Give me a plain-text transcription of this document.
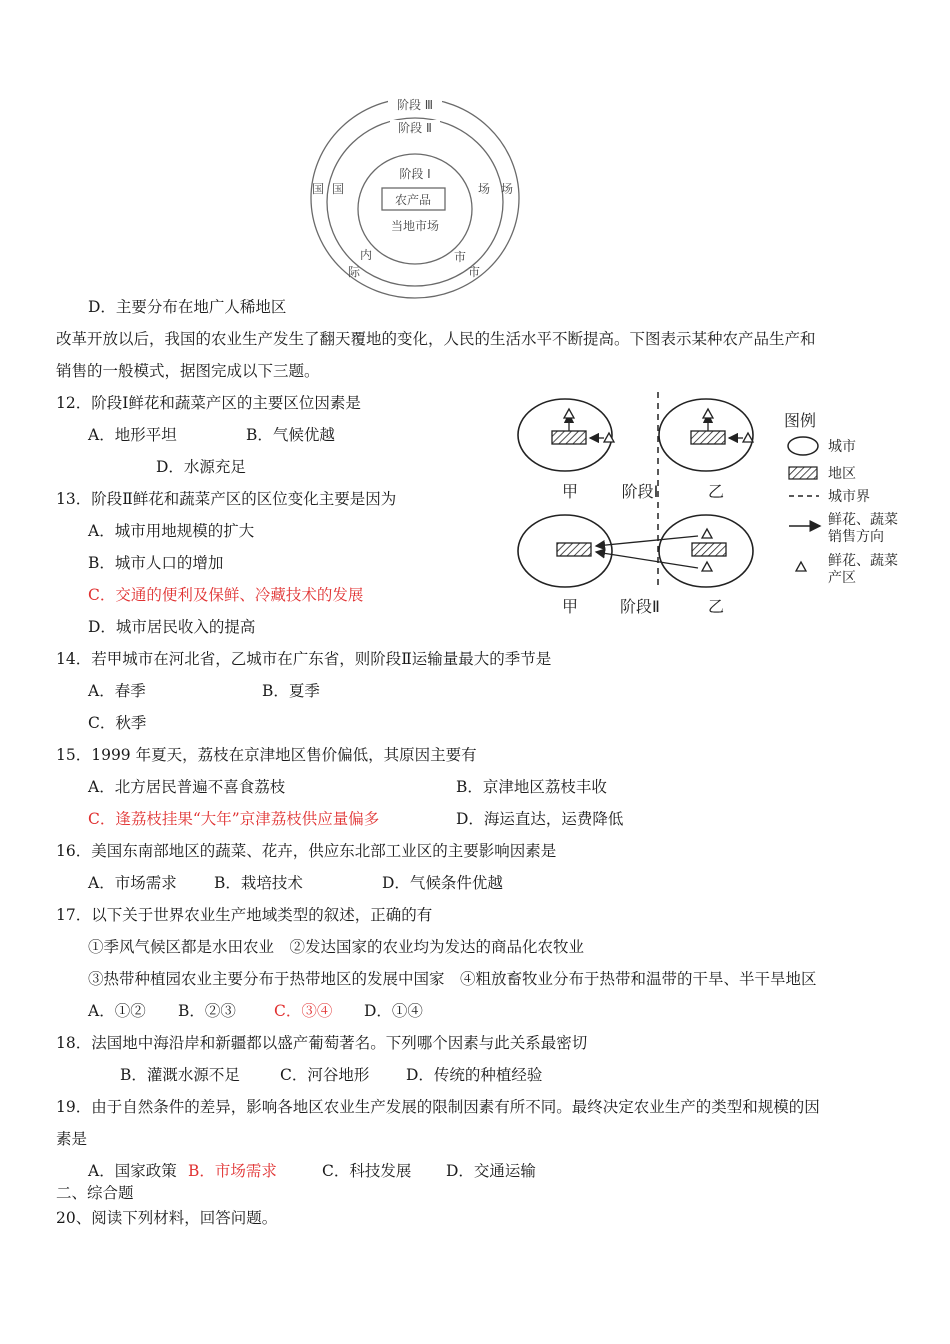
阶段 Ⅲ
阶段 Ⅱ
阶段 Ⅰ
农产品
当地市场
国 国	场 场
内
际
市
市
D．主要分布在地广人稀地区
改革开放以后，我国的农业生产发生了翻天覆地的变化，人民的生活水平不断提高。下图表示某种农产品生产和
销售的一般模式，据图完成以下三题。
12．阶段Ⅰ鲜花和蔬菜产区的主要区位因素是
A．地形平坦	B．气候优越
D．水源充足
13．阶段Ⅱ鲜花和蔬菜产区的区位变化主要是因为
A．城市用地规模的扩大
B．城市人口的增加
C．交通的便利及保鲜、冷藏技术的发展
D．城市居民收入的提高
14．若甲城市在河北省，乙城市在广东省，则阶段Ⅱ运输量最大的季节是
A．春季	B．夏季
C．秋季
15．1999 年夏天，荔枝在京津地区售价偏低，其原因主要有
A．北方居民普遍不喜食荔枝	B．京津地区荔枝丰收
C．逢荔枝挂果“大年”京津荔枝供应量偏多	D．海运直达，运费降低
16．美国东南部地区的蔬菜、花卉，供应东北部工业区的主要影响因素是
A．市场需求 B．栽培技术	D．气候条件优越
17．以下关于世界农业生产地域类型的叙述，正确的有
①季风气候区都是水田农业　②发达国家的农业均为发达的商品化农牧业
③热带种植园农业主要分布于热带地区的发展中国家　④粗放畜牧业分布于热带和温带的干旱、半干旱地区
A．①② B．②③ C．③④ D．①④
18．法国地中海沿岸和新疆都以盛产葡萄著名。下列哪个因素与此关系最密切
B．灌溉水源不足	C．河谷地形 D．传统的种植经验
19．由于自然条件的差异，影响各地区农业生产发展的限制因素有所不同。最终决定农业生产的类型和规模的因
素是
A．国家政策 B．市场需求	C．科技发展 D．交通运输
二、综合题
20、阅读下列材料，回答问题。
甲	阶段Ⅰ	乙
甲	阶段Ⅱ	乙
图例
城市
地区
城市界
鲜花、蔬菜
销售方向
鲜花、蔬菜
产区
